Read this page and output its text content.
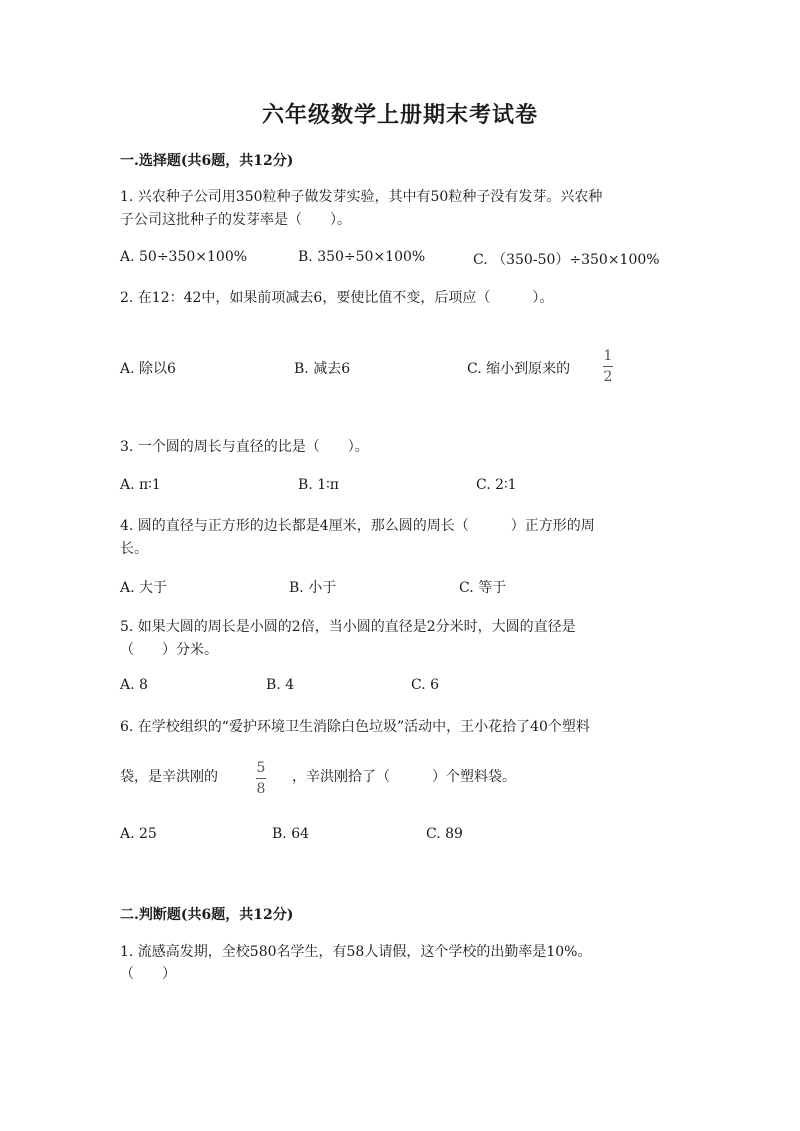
六年级数学上册期末考试卷
一.选择题(共6题，共12分)
1. 兴农种子公司用350粒种子做发芽实验，其中有50粒种子没有发芽。兴农种
子公司这批种子的发芽率是（　　）。
A. 50÷350×100%	B. 350÷50×100%	C. （350-50）÷350×100%
2. 在12：42中，如果前项减去6，要使比值不变，后项应（　　　）。
A. 除以6	B. 减去6	C. 缩小到原来的
1
2
3. 一个圆的周长与直径的比是（　　）。
A. π∶1	B. 1∶π	C. 2∶1
4. 圆的直径与正方形的边长都是4厘米，那么圆的周长（　　　）正方形的周
长。
A. 大于	B. 小于	C. 等于
5. 如果大圆的周长是小圆的2倍，当小圆的直径是2分米时，大圆的直径是
（　　）分米。
A. 8	B. 4	C. 6
6. 在学校组织的“爱护环境卫生消除白色垃圾”活动中，王小花拾了40个塑料
袋，是辛洪刚的
5
8
，辛洪刚拾了（　　　）个塑料袋。
A. 25	B. 64	C. 89
二.判断题(共6题，共12分)
1. 流感高发期，全校580名学生，有58人请假，这个学校的出勤率是10%。
（　　）
